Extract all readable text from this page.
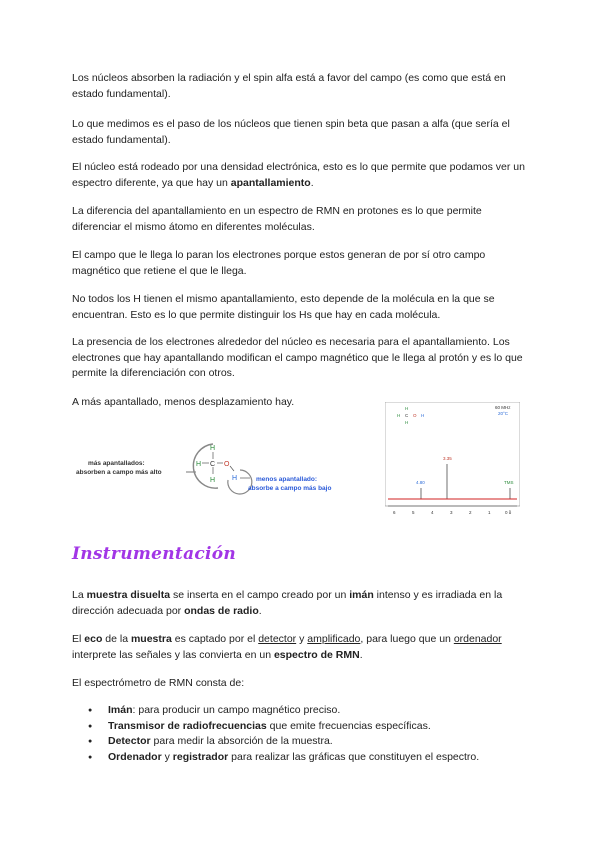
Los núcleos absorben la radiación y el spin alfa está a favor del campo (es como que está en estado fundamental).

Lo que medimos es el paso de los núcleos que tienen spin beta que pasan a alfa (que sería el estado fundamental).

El núcleo está rodeado por una densidad electrónica, esto es lo que permite que podamos ver un espectro diferente, ya que hay un apantallamiento.

La diferencia del apantallamiento en un espectro de RMN en protones es lo que permite diferenciar el mismo átomo en diferentes moléculas.

El campo que le llega lo paran los electrones porque estos generan de por sí otro campo magnético que retiene el que le llega.

No todos los H tienen el mismo apantallamiento, esto depende de la molécula en la que se encuentran. Esto es lo que permite distinguir los Hs que hay en cada molécula.

La presencia de los electrones alrededor del núcleo es necesaria para el apantallamiento. Los electrones que hay apantallando modifican el campo magnético que le llega al protón y es lo que permite la diferenciación con otros.

A más apantallado, menos desplazamiento hay.

más apantallados:
absorben a campo más alto
H
H
H
C O
H	menos apantallado:
absorbe a campo más bajo
60 MHz
20°C
H
H C O H
H
4.80
3.35
TMS
6	5	4	3	2	1	0 δ
Instrumentación

La muestra disuelta se inserta en el campo creado por un imán intenso y es irradiada en la dirección adecuada por ondas de radio.

El eco de la muestra es captado por el detector y amplificado, para luego que un ordenador interprete las señales y las convierta en un espectro de RMN.

El espectrómetro de RMN consta de:

● Imán: para producir un campo magnético preciso.
● Transmisor de radiofrecuencias que emite frecuencias específicas.
● Detector para medir la absorción de la muestra.
● Ordenador y registrador para realizar las gráficas que constituyen el espectro.
